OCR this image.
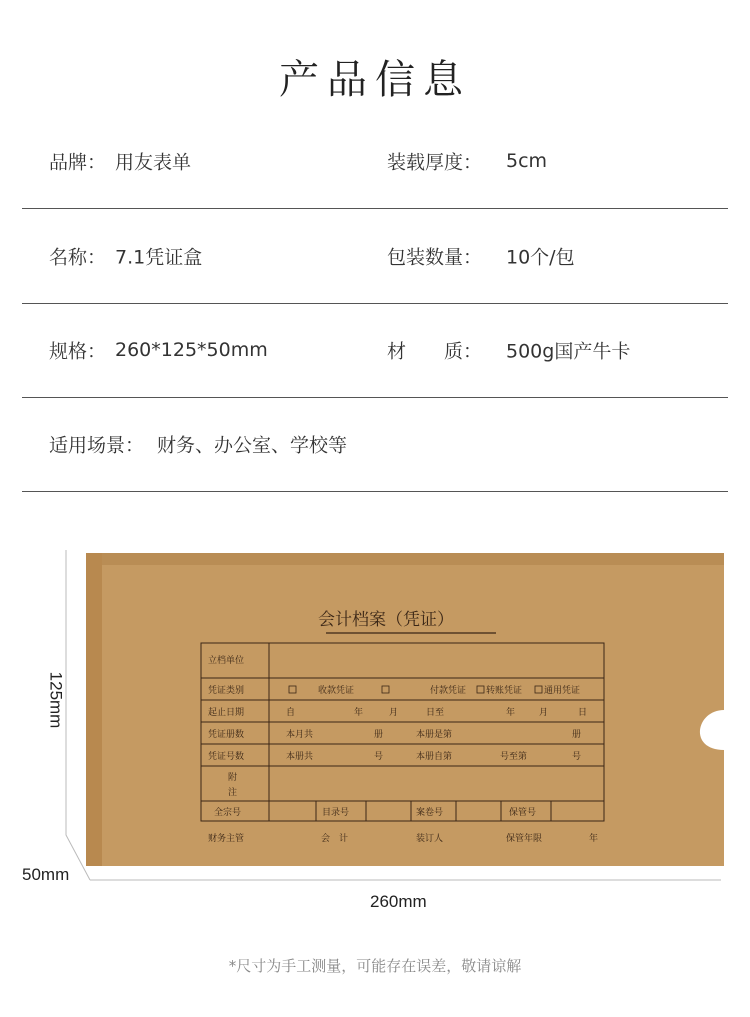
产品信息
品牌： 用友表单	装载厚度： 5cm
名称： 7.1凭证盒	包装数量： 10个/包
规格： 260*125*50mm	材　　质： 500g国产牛卡
适用场景： 财务、办公室、学校等
会计档案（凭证）
立档单位
凭证类别	收款凭证	付款凭证 转账凭证 通用凭证
起止日期	自	年	月	日至	年	月	日
凭证册数	本月共	册	本册是第	册
凭证号数	本册共	号	本册自第	号至第	号
附
注
全宗号	目录号	案卷号	保管号
财务主管	会　计	装订人	保管年限	年
125mm
50mm
260mm
*尺寸为手工测量，可能存在误差，敬请谅解
